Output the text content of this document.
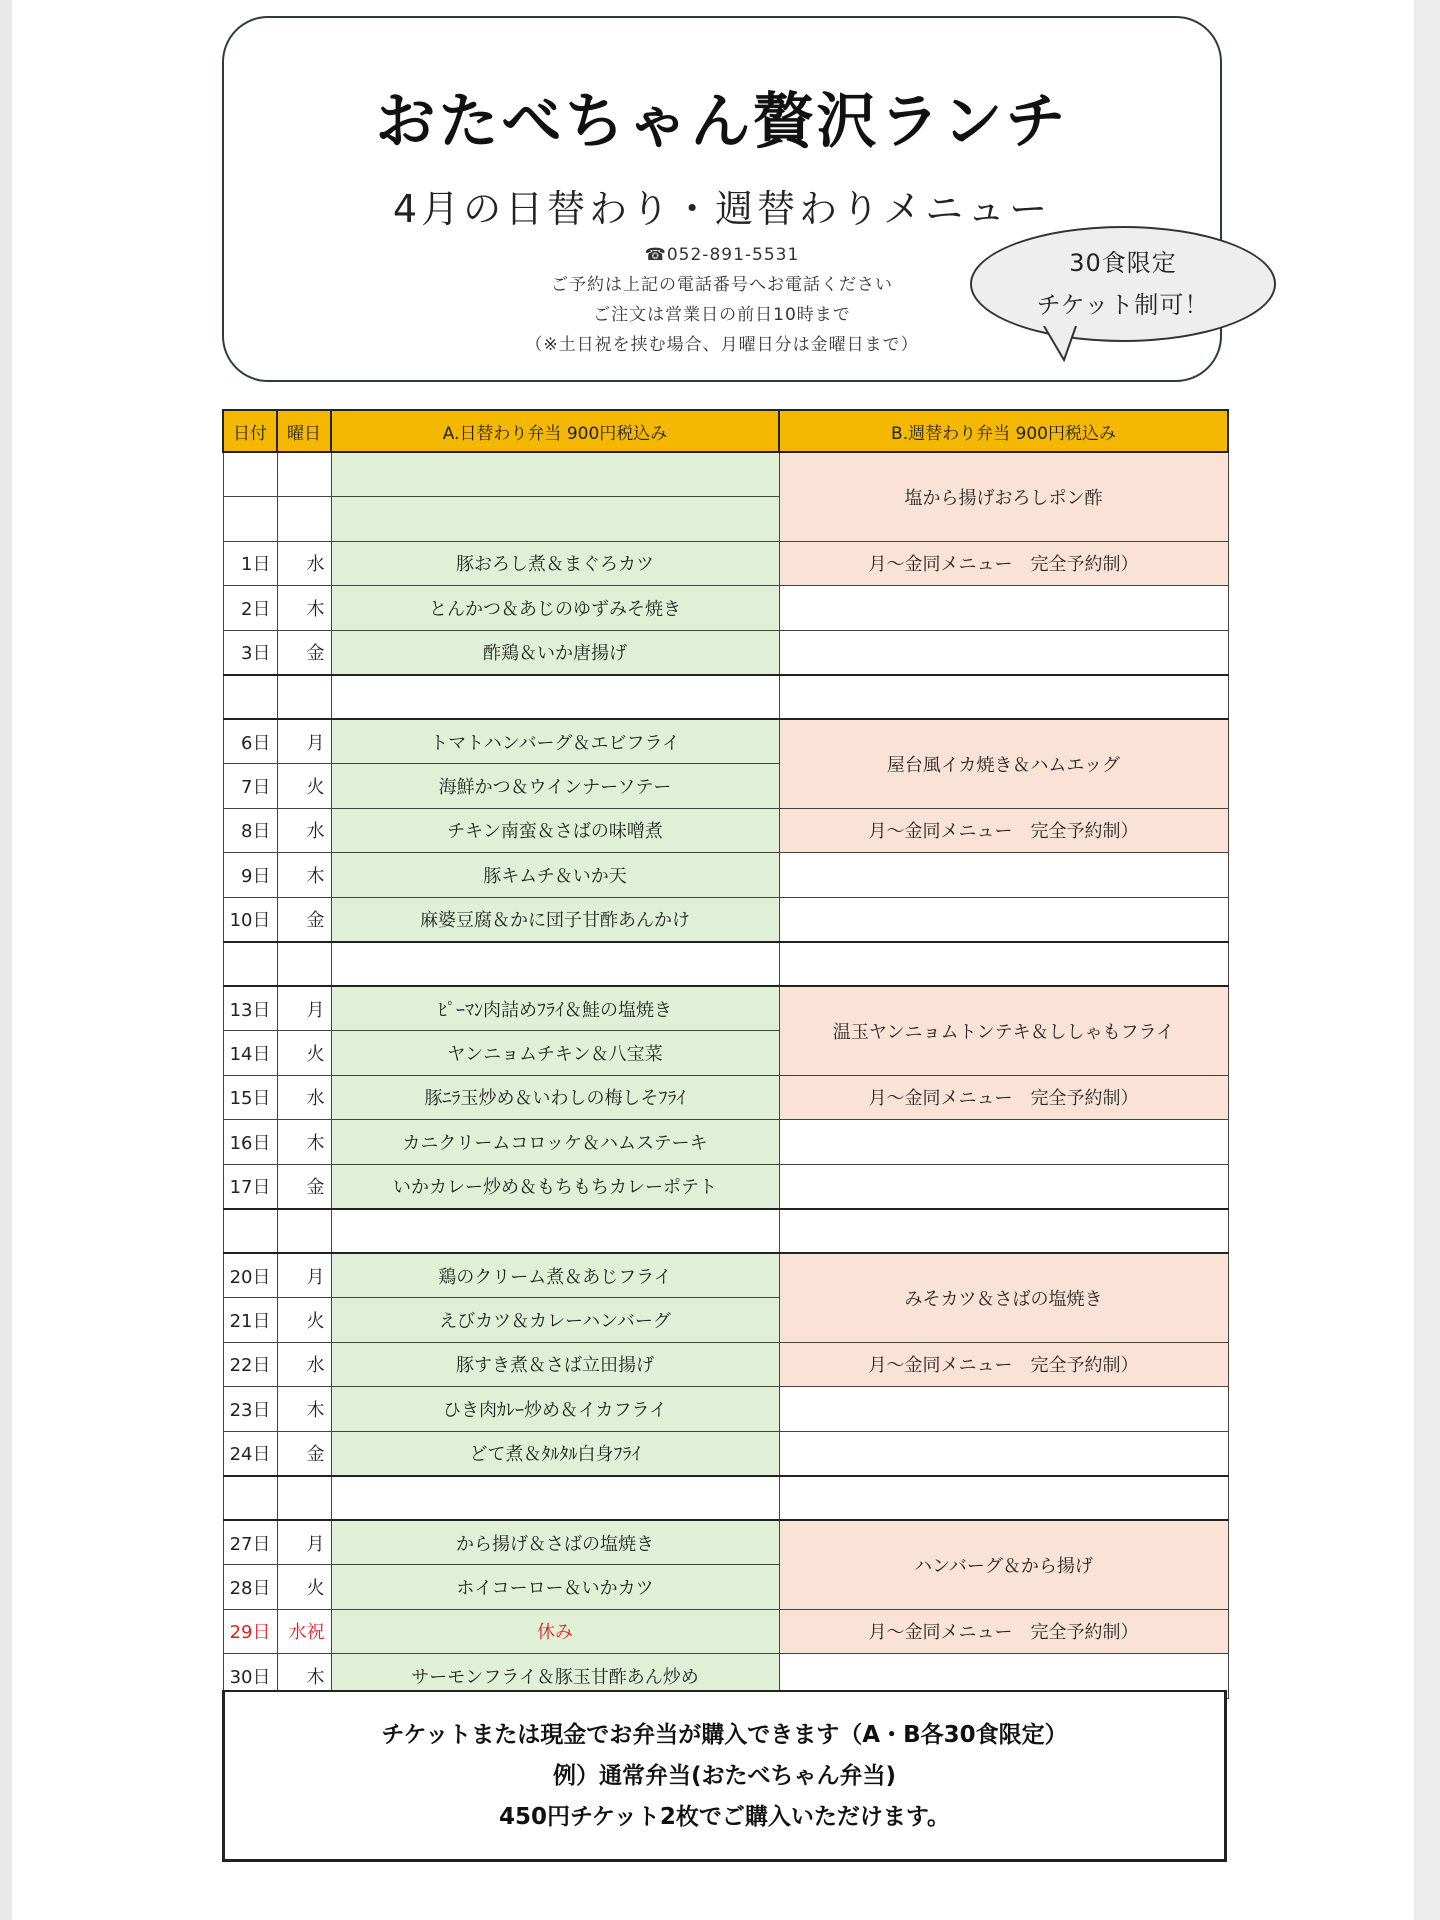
おたべちゃん贅沢ランチ
4月の日替わり・週替わりメニュー
☎052-891-5531
ご予約は上記の電話番号へお電話ください
ご注文は営業日の前日10時まで
（※土日祝を挟む場合、月曜日分は金曜日まで）
30食限定
チケット制可！
日付	曜日	A.日替わり弁当 900円税込み	B.週替わり弁当 900円税込み
			塩から揚げおろしポン酢

1日	水	豚おろし煮＆まぐろカツ	月～金同メニュー　完全予約制）
2日	木	とんかつ＆あじのゆずみそ焼き	
3日	金	酢鶏＆いか唐揚げ	

6日	月	トマトハンバーグ＆エビフライ	屋台風イカ焼き＆ハムエッグ
7日	火	海鮮かつ＆ウインナーソテー	
8日	水	チキン南蛮＆さばの味噌煮	月～金同メニュー　完全予約制）
9日	木	豚キムチ＆いか天	
10日	金	麻婆豆腐＆かに団子甘酢あんかけ	

13日	月	ﾋﾟｰﾏﾝ肉詰めﾌﾗｲ＆鮭の塩焼き	温玉ヤンニョムトンテキ＆ししゃもフライ
14日	火	ヤンニョムチキン＆八宝菜	
15日	水	豚ﾆﾗ玉炒め＆いわしの梅しそﾌﾗｲ	月～金同メニュー　完全予約制）
16日	木	カニクリームコロッケ＆ハムステーキ	
17日	金	いかカレー炒め＆もちもちカレーポテト	

20日	月	鶏のクリーム煮＆あじフライ	みそカツ＆さばの塩焼き
21日	火	えびカツ＆カレーハンバーグ	
22日	水	豚すき煮＆さば立田揚げ	月～金同メニュー　完全予約制）
23日	木	ひき肉ｶﾚｰ炒め＆イカフライ	
24日	金	どて煮＆ﾀﾙﾀﾙ白身ﾌﾗｲ	

27日	月	から揚げ＆さばの塩焼き	ハンバーグ＆から揚げ
28日	火	ホイコーロー＆いかカツ	
29日	水祝	休み	月～金同メニュー　完全予約制）
30日	木	サーモンフライ＆豚玉甘酢あん炒め	
チケットまたは現金でお弁当が購入できます（A・B各30食限定）
例）通常弁当(おたべちゃん弁当)
450円チケット2枚でご購入いただけます。
